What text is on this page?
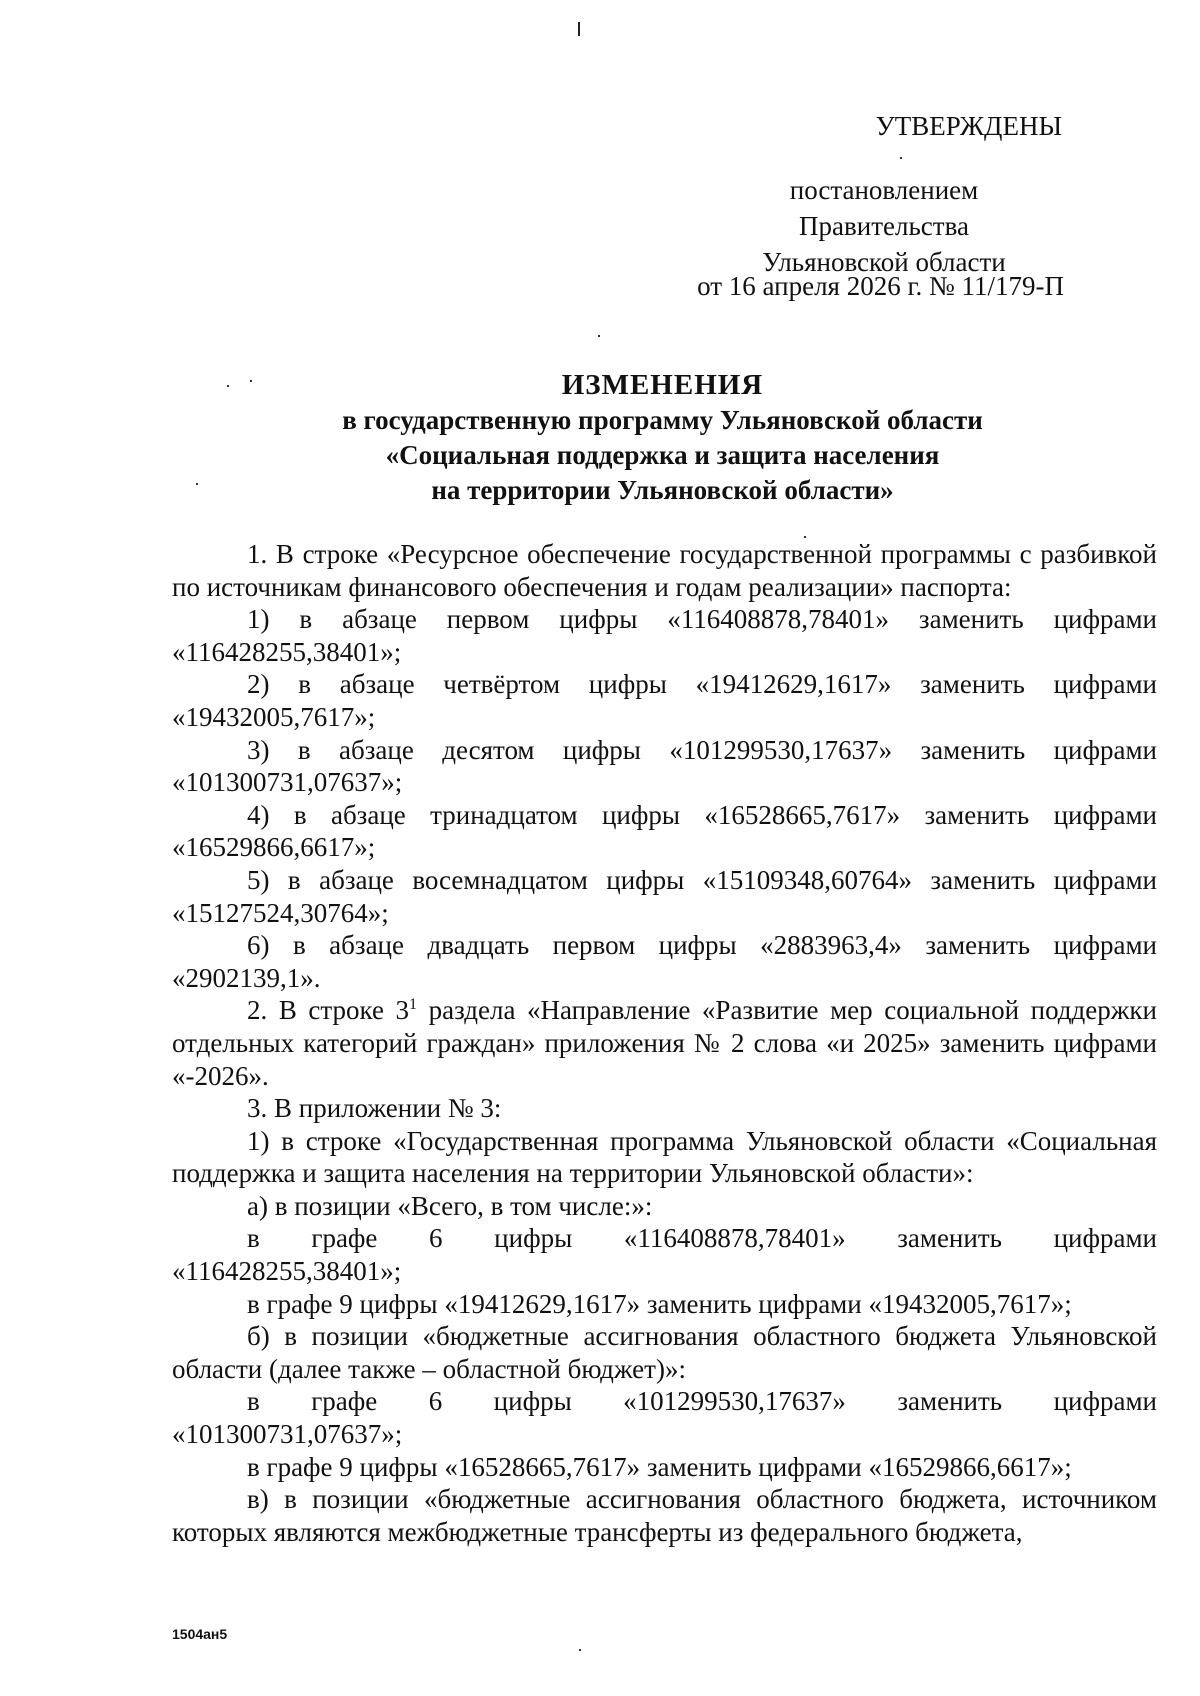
УТВЕРЖДЕНЫ
постановлением Правительства
Ульяновской области
от 16 апреля 2026 г. № 11/179-П
ИЗМЕНЕНИЯ
в государственную программу Ульяновской области
«Социальная поддержка и защита населения
на территории Ульяновской области»

1. В строке «Ресурсное обеспечение государственной программы с разбивкой по источникам финансового обеспечения и годам реализации» паспорта:

1) в абзаце первом цифры «116408878,78401» заменить цифрами «116428255,38401»;

2) в абзаце четвёртом цифры «19412629,1617» заменить цифрами «19432005,7617»;

3) в абзаце десятом цифры «101299530,17637» заменить цифрами «101300731,07637»;

4) в абзаце тринадцатом цифры «16528665,7617» заменить цифрами «16529866,6617»;

5) в абзаце восемнадцатом цифры «15109348,60764» заменить цифрами «15127524,30764»;

6) в абзаце двадцать первом цифры «2883963,4» заменить цифрами «2902139,1».

2. В строке $3^1$ раздела «Направление «Развитие мер социальной поддержки отдельных категорий граждан» приложения № 2 слова «и 2025» заменить цифрами «-2026».

3. В приложении № 3:

1) в строке «Государственная программа Ульяновской области «Социальная поддержка и защита населения на территории Ульяновской области»:

а) в позиции «Всего, в том числе:»:

в графе 6 цифры «116408878,78401» заменить цифрами

«116428255,38401»;

в графе 9 цифры «19412629,1617» заменить цифрами «19432005,7617»;

б) в позиции «бюджетные ассигнования областного бюджета Ульяновской области (далее также – областной бюджет)»:

в графе 6 цифры «101299530,17637» заменить цифрами

«101300731,07637»;

в графе 9 цифры «16528665,7617» заменить цифрами «16529866,6617»;

в) в позиции «бюджетные ассигнования областного бюджета, источником которых являются межбюджетные трансферты из федерального бюджета,

1504ан5
